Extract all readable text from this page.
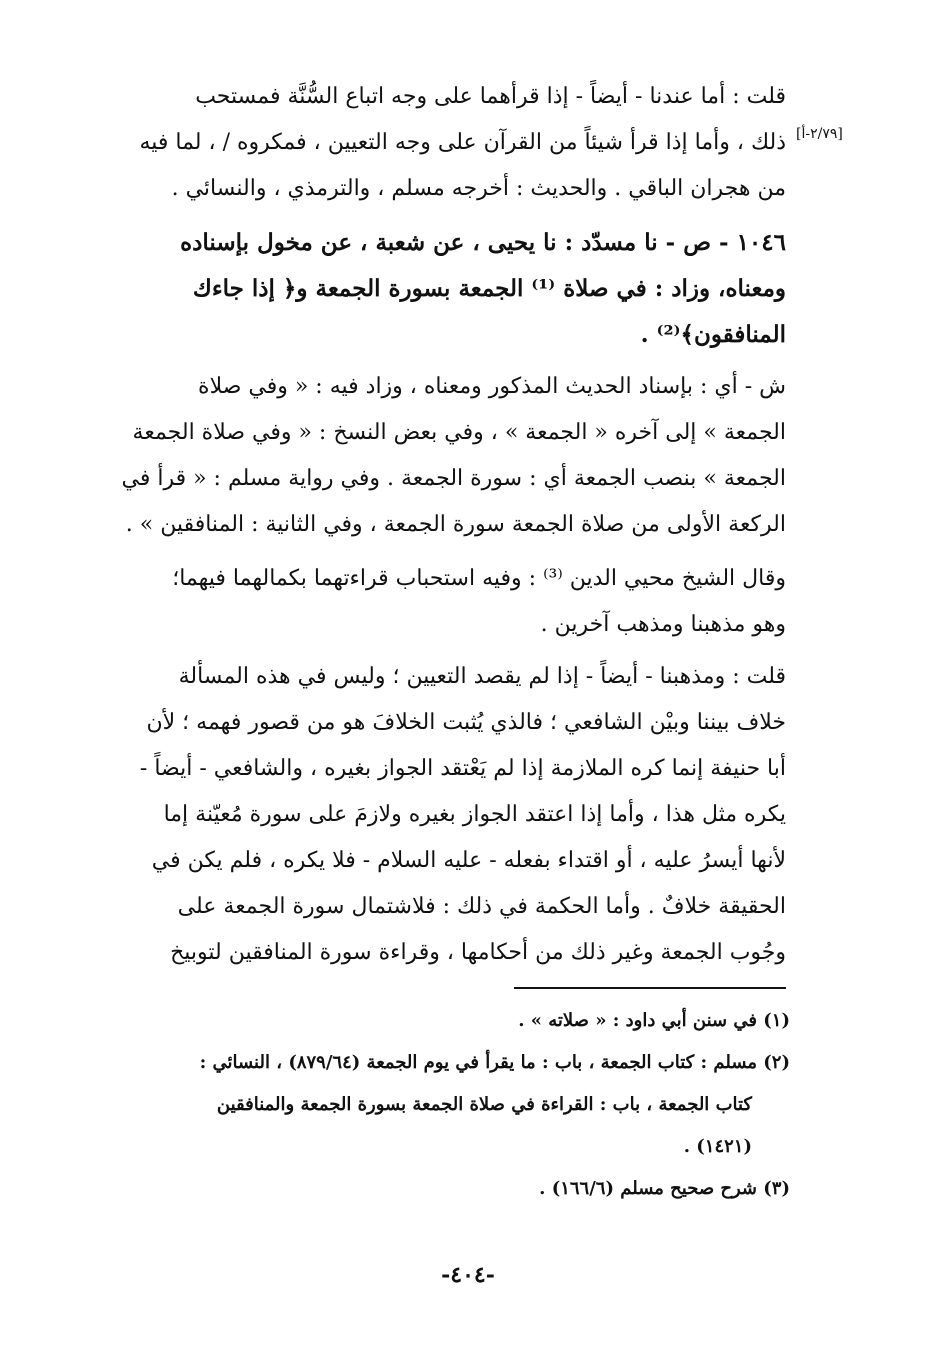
قلت : أما عندنا - أيضاً - إذا قرأهما على وجه اتباع السُّنَّة فمستحب
ذلك ، وأما إذا قرأ شيئاً من القرآن على وجه التعيين ، فمكروه / ، لما فيه
من هجران الباقي . والحديث : أخرجه مسلم ، والترمذي ، والنسائي .
[٢/٧٩-أ]
١٠٤٦ - ص - نا مسدّد : نا يحيى ، عن شعبة ، عن مخول بإسناده
ومعناه، وزاد : في صلاة ⁽¹⁾ الجمعة بسورة الجمعة و﴿ إذا جاءك
المنافقون﴾⁽²⁾ .
ش - أي : بإسناد الحديث المذكور ومعناه ، وزاد فيه : « وفي صلاة
الجمعة » إلى آخره « الجمعة » ، وفي بعض النسخ : « وفي صلاة الجمعة
الجمعة » بنصب الجمعة أي : سورة الجمعة . وفي رواية مسلم : « قرأ في
الركعة الأولى من صلاة الجمعة سورة الجمعة ، وفي الثانية : المنافقين » .
وقال الشيخ محيي الدين ⁽³⁾ : وفيه استحباب قراءتهما بكمالهما فيهما؛
وهو مذهبنا ومذهب آخرين .
قلت : ومذهبنا - أيضاً - إذا لم يقصد التعيين ؛ وليس في هذه المسألة
خلاف بيننا وبيْن الشافعي ؛ فالذي يُثبت الخلافَ هو من قصور فهمه ؛ لأن
أبا حنيفة إنما كره الملازمة إذا لم يَعْتقد الجواز بغيره ، والشافعي - أيضاً -
يكره مثل هذا ، وأما إذا اعتقد الجواز بغيره ولازمَ على سورة مُعيّنة إما
لأنها أيسرُ عليه ، أو اقتداء بفعله - عليه السلام - فلا يكره ، فلم يكن في
الحقيقة خلافٌ . وأما الحكمة في ذلك : فلاشتمال سورة الجمعة على
وجُوب الجمعة وغير ذلك من أحكامها ، وقراءة سورة المنافقين لتوبيخ
(١) في سنن أبي داود : « صلاته » .
(٢) مسلم : كتاب الجمعة ، باب : ما يقرأ في يوم الجمعة (٨٧٩/٦٤) ، النسائي :
كتاب الجمعة ، باب : القراءة في صلاة الجمعة بسورة الجمعة والمنافقين
(١٤٢١) .
(٣) شرح صحيح مسلم (١٦٦/٦) .
-٤٠٤-
